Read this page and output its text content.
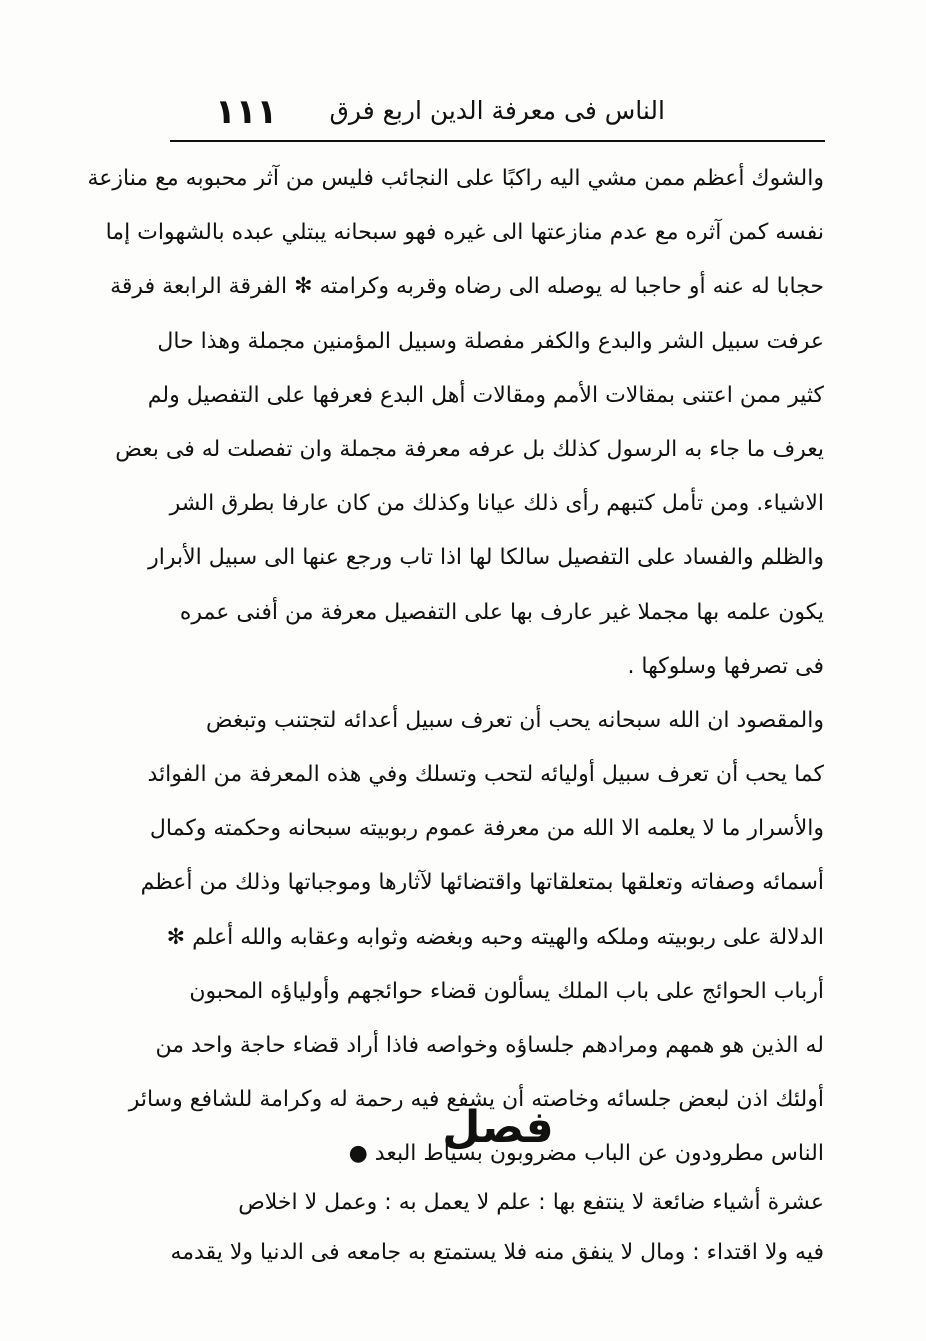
الناس فى معرفة الدين اربع فرق
١١١
والشوك أعظم ممن مشي اليه راكبًا على النجائب فليس من آثر محبوبه مع منازعة
نفسه كمن آثره مع عدم منازعتها الى غيره فهو سبحانه يبتلي عبده بالشهوات إما
حجابا له عنه أو حاجبا له يوصله الى رضاه وقربه وكرامته ✻ الفرقة الرابعة فرقة
عرفت سبيل الشر والبدع والكفر مفصلة وسبيل المؤمنين مجملة وهذا حال
كثير ممن اعتنى بمقالات الأمم ومقالات أهل البدع فعرفها على التفصيل ولم
يعرف ما جاء به الرسول كذلك بل عرفه معرفة مجملة وان تفصلت له فى بعض
الاشياء. ومن تأمل كتبهم رأى ذلك عيانا وكذلك من كان عارفا بطرق الشر
والظلم والفساد على التفصيل سالكا لها اذا تاب ورجع عنها الى سبيل الأبرار
يكون علمه بها مجملا غير عارف بها على التفصيل معرفة من أفنى عمره
فى تصرفها وسلوكها .
والمقصود ان الله سبحانه يحب أن تعرف سبيل أعدائه لتجتنب وتبغض
كما يحب أن تعرف سبيل أوليائه لتحب وتسلك وفي هذه المعرفة من الفوائد
والأسرار ما لا يعلمه الا الله من معرفة عموم ربوبيته سبحانه وحكمته وكمال
أسمائه وصفاته وتعلقها بمتعلقاتها واقتضائها لآثارها وموجباتها وذلك من أعظم
الدلالة على ربوبيته وملكه والهيته وحبه وبغضه وثوابه وعقابه والله أعلم ✻
أرباب الحوائج على باب الملك يسألون قضاء حوائجهم وأولياؤه المحبون
له الذين هو همهم ومرادهم جلساؤه وخواصه فاذا أراد قضاء حاجة واحد من
أولئك اذن لبعض جلسائه وخاصته أن يشفع فيه رحمة له وكرامة للشافع وسائر
الناس مطرودون عن الباب مضروبون بسياط البعد ●
فصل
عشرة أشياء ضائعة لا ينتفع بها : علم لا يعمل به : وعمل لا اخلاص
فيه ولا اقتداء : ومال لا ينفق منه فلا يستمتع به جامعه فى الدنيا ولا يقدمه
